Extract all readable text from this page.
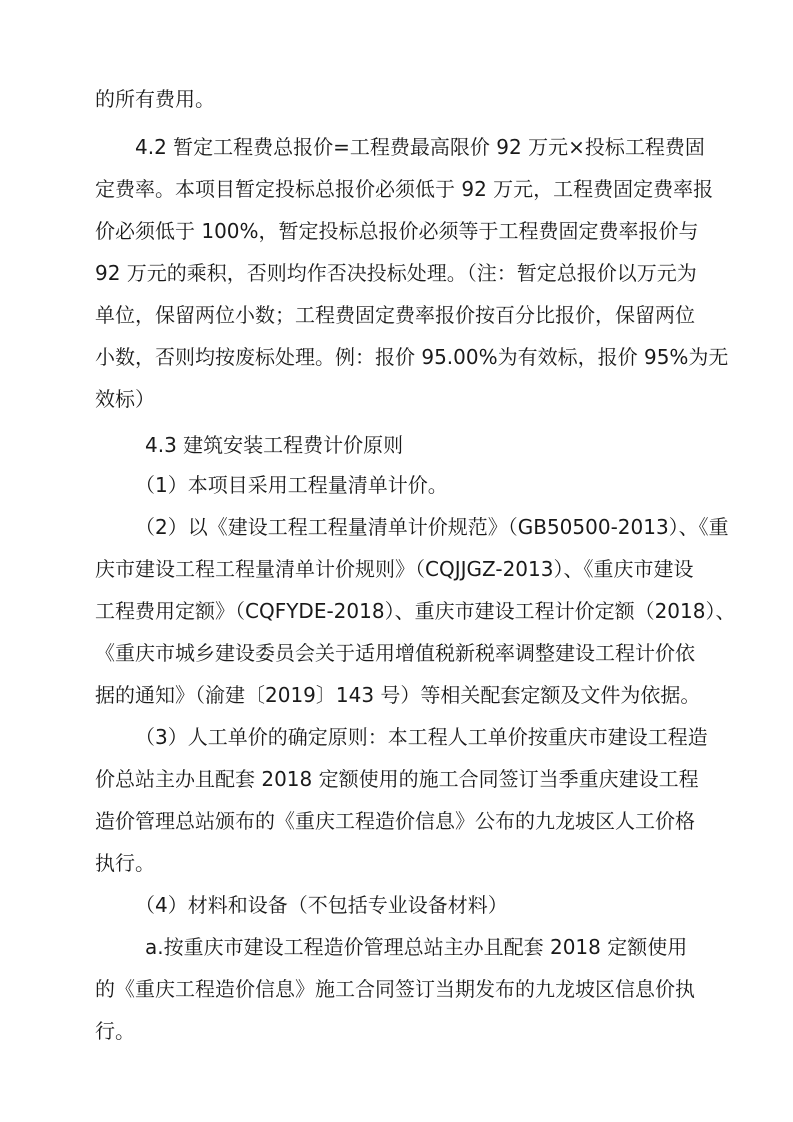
的所有费用。
4.2 暂定工程费总报价=工程费最高限价 92 万元×投标工程费固
定费率。本项目暂定投标总报价必须低于 92 万元，工程费固定费率报
价必须低于 100%，暂定投标总报价必须等于工程费固定费率报价与
92 万元的乘积，否则均作否决投标处理。（注：暂定总报价以万元为
单位，保留两位小数；工程费固定费率报价按百分比报价，保留两位
小数，否则均按废标处理。例：报价 95.00%为有效标，报价 95%为无
效标）
4.3 建筑安装工程费计价原则
（1）本项目采用工程量清单计价。
（2）以《建设工程工程量清单计价规范》（GB50500-2013）、《重
庆市建设工程工程量清单计价规则》（CQJJGZ-2013）、《重庆市建设
工程费用定额》（CQFYDE-2018）、重庆市建设工程计价定额（2018）、
《重庆市城乡建设委员会关于适用增值税新税率调整建设工程计价依
据的通知》（渝建〔2019〕143 号）等相关配套定额及文件为依据。
（3）人工单价的确定原则：本工程人工单价按重庆市建设工程造
价总站主办且配套 2018 定额使用的施工合同签订当季重庆建设工程
造价管理总站颁布的《重庆工程造价信息》公布的九龙坡区人工价格
执行。
（4）材料和设备（不包括专业设备材料）
a.按重庆市建设工程造价管理总站主办且配套 2018 定额使用
的《重庆工程造价信息》施工合同签订当期发布的九龙坡区信息价执
行。
